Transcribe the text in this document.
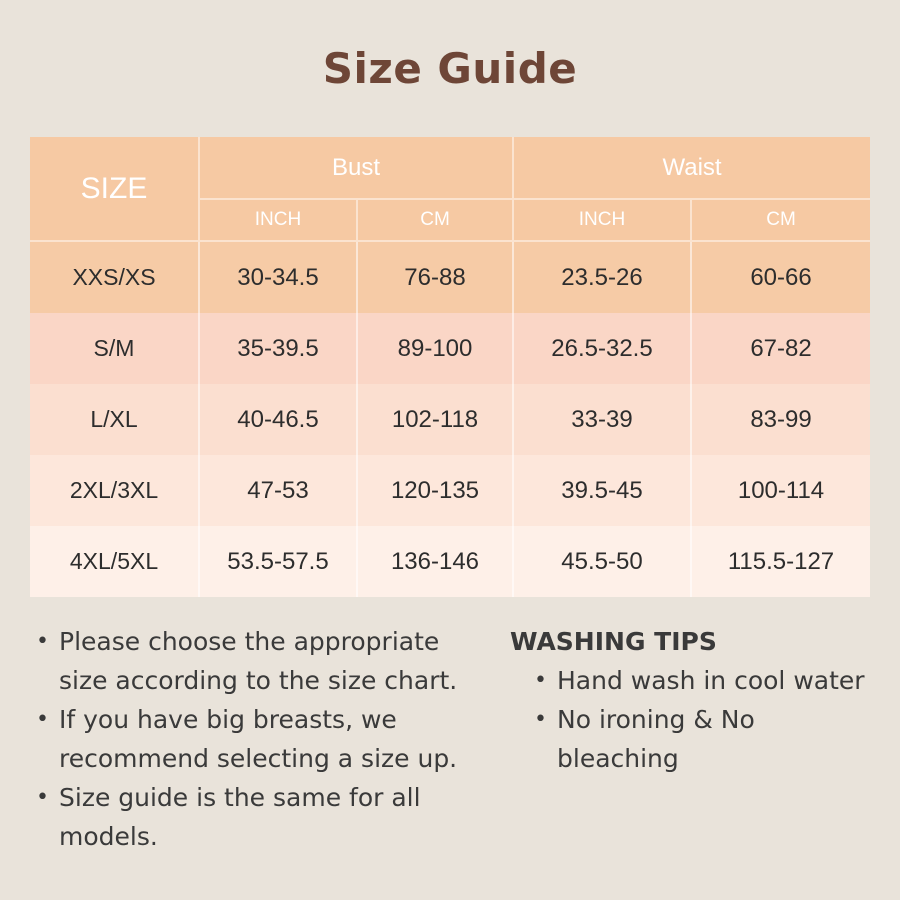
Size Guide
SIZE	Bust		Waist	
	INCH	CM	INCH	CM
XXS/XS	30-34.5	76-88	23.5-26	60-66
S/M	35-39.5	89-100	26.5-32.5	67-82
L/XL	40-46.5	102-118	33-39	83-99
2XL/3XL	47-53	120-135	39.5-45	100-114
4XL/5XL	53.5-57.5	136-146	45.5-50	115.5-127
• Please choose the appropriate size according to the size chart.
• If you have big breasts, we recommend selecting a size up.
• Size guide is the same for all models.
WASHING TIPS
• Hand wash in cool water
• No ironing & No bleaching
